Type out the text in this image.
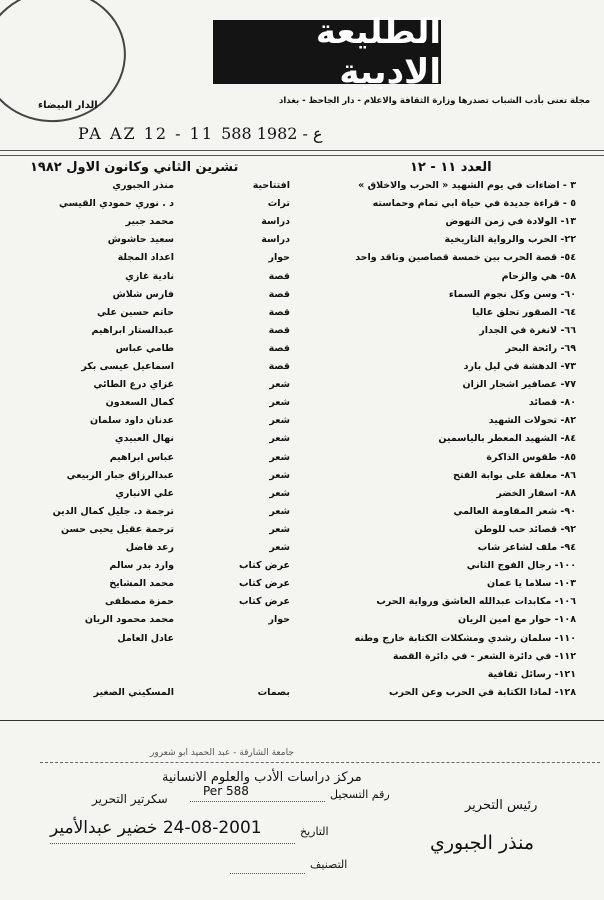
الدار البيضاء
الطليعة الادبية
مجلة تعنى بأدب الشباب تصدرها وزارة الثقافة والاعلام - دار الجاحظ - بغداد
PA AZ 12 - 11 ع - 1982 588
العدد ١١ - ١٢
تشرين الثاني وكانون الاول ١٩٨٢
٣ - اضاءات في يوم الشهيد « الحرب والاخلاق »
افتتاحية
منذر الجبوري
٥ - قراءة جديدة في حياة ابي تمام وحماسته
تراث
د . نوري حمودي القيسي
١٣- الولادة في زمن النهوض
دراسة
محمد جبير
٢٢- الحرب والرواية التاريخية
دراسة
سعيد حاشوش
٥٤- قصة الحرب بين خمسة قصاصين وناقد واحد
حوار
اعداد المجلة
٥٨- هي والزحام
قصة
نادية غازي
٦٠- وسن وكل نجوم السماء
قصة
فارس شلاش
٦٤- الصقور تحلق عاليا
قصة
حاتم حسين علي
٦٦- لانغرة في الجدار
قصة
عبدالستار ابراهيم
٦٩- رائحة البحر
قصة
طامي عباس
٧٣- الدهشة في ليل بارد
قصة
اسماعيل عيسى بكر
٧٧- عصافير اشجار الزان
شعر
غزاي درع الطائي
٨٠- قصائد
شعر
كمال السعدون
٨٢- تحولات الشهيد
شعر
عدنان داود سلمان
٨٤- الشهيد المعطر بالياسمين
شعر
نهال العبيدي
٨٥- طقوس الذاكرة
شعر
عباس ابراهيم
٨٦- معلقة على بوابة الفتح
شعر
عبدالرزاق جبار الربيعي
٨٨- اسفار الخضر
شعر
علي الانباري
٩٠- شعر المقاومة العالمي
شعر
ترجمة د. جليل كمال الدين
٩٢- قصائد حب للوطن
شعر
ترجمة عقيل يحيى حسن
٩٤- ملف لشاعر شاب
شعر
رعد فاضل
١٠٠- رجال الفوج الثاني
عرض كتاب
وارد بدر سالم
١٠٣- سلاما يا عمان
عرض كتاب
محمد المشايخ
١٠٦- مكابدات عبدالله العاشق ورواية الحرب
عرض كتاب
حمزة مصطفى
١٠٨- حوار مع امين الريان
حوار
محمد محمود الريان
١١٠- سلمان رشدي ومشكلات الكتابة خارج وطنه
عادل العامل
١١٢- في دائرة الشعر - في دائرة القصة
١٢١- رسائل ثقافية
١٢٨- لماذا الكتابة في الحرب وعن الحرب
بصمات
المسكيني الصغير
جامعة الشارقة - عبد الحميد ابو شعرور
مركز دراسات الأدب والعلوم الانسانية
رقم التسجيل
Per 588
التاريخ
24-08-2001 خضير عبدالأمير
التصنيف
سكرتير التحرير	رئيس التحرير
منذر الجبوري
